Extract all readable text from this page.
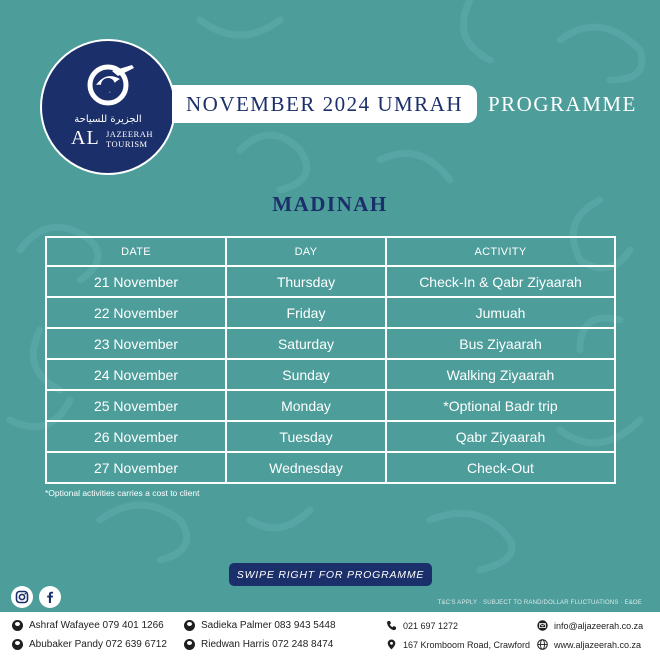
الجزيرة للسياحة
AL JAZEERAH
TOURISM
NOVEMBER 2024 UMRAH PROGRAMME
MADINAH
DATE	DAY	ACTIVITY
21 November	Thursday	Check-In & Qabr Ziyaarah
22 November	Friday	Jumuah
23 November	Saturday	Bus Ziyaarah
24 November	Sunday	Walking Ziyaarah
25 November	Monday	*Optional Badr trip
26 November	Tuesday	Qabr Ziyaarah
27 November	Wednesday	Check-Out
*Optional activities carries a cost to client
SWIPE RIGHT FOR PROGRAMME
T&C'S APPLY · SUBJECT TO RAND/DOLLAR FLUCTUATIONS · E&OE
Ashraf Wafayee 079 401 1266
Abubaker Pandy 072 639 6712
Sadieka Palmer 083 943 5448
Riedwan Harris 072 248 8474
021 697 1272
167 Kromboom Road, Crawford
info@aljazeerah.co.za
www.aljazeerah.co.za
